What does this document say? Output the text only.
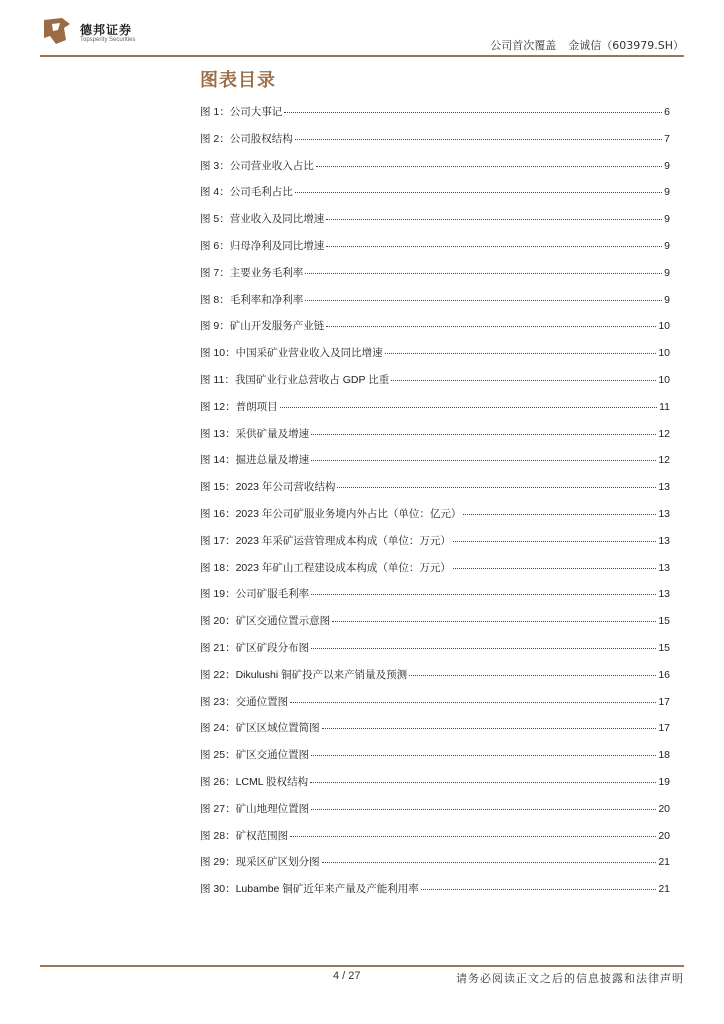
德邦证券
Topsperity Securities	公司首次覆盖 金诚信（603979.SH）
图表目录
图 1：公司大事记	6
图 2：公司股权结构	7
图 3：公司营业收入占比	9
图 4：公司毛利占比	9
图 5：营业收入及同比增速	9
图 6：归母净利及同比增速	9
图 7：主要业务毛利率	9
图 8：毛利率和净利率	9
图 9：矿山开发服务产业链	10
图 10：中国采矿业营业收入及同比增速	10
图 11：我国矿业行业总营收占 GDP 比重	10
图 12：普朗项目	11
图 13：采供矿量及增速	12
图 14：掘进总量及增速	12
图 15：2023 年公司营收结构	13
图 16：2023 年公司矿服业务境内外占比（单位：亿元）	13
图 17：2023 年采矿运营管理成本构成（单位：万元）	13
图 18：2023 年矿山工程建设成本构成（单位：万元）	13
图 19：公司矿服毛利率	13
图 20：矿区交通位置示意图	15
图 21：矿区矿段分布图	15
图 22：Dikulushi 铜矿投产以来产销量及预测	16
图 23：交通位置图	17
图 24：矿区区域位置简图	17
图 25：矿区交通位置图	18
图 26：LCML 股权结构	19
图 27：矿山地理位置图	20
图 28：矿权范围图	20
图 29：现采区矿区划分图	21
图 30：Lubambe 铜矿近年来产量及产能利用率	21
4 / 27	请务必阅读正文之后的信息披露和法律声明
